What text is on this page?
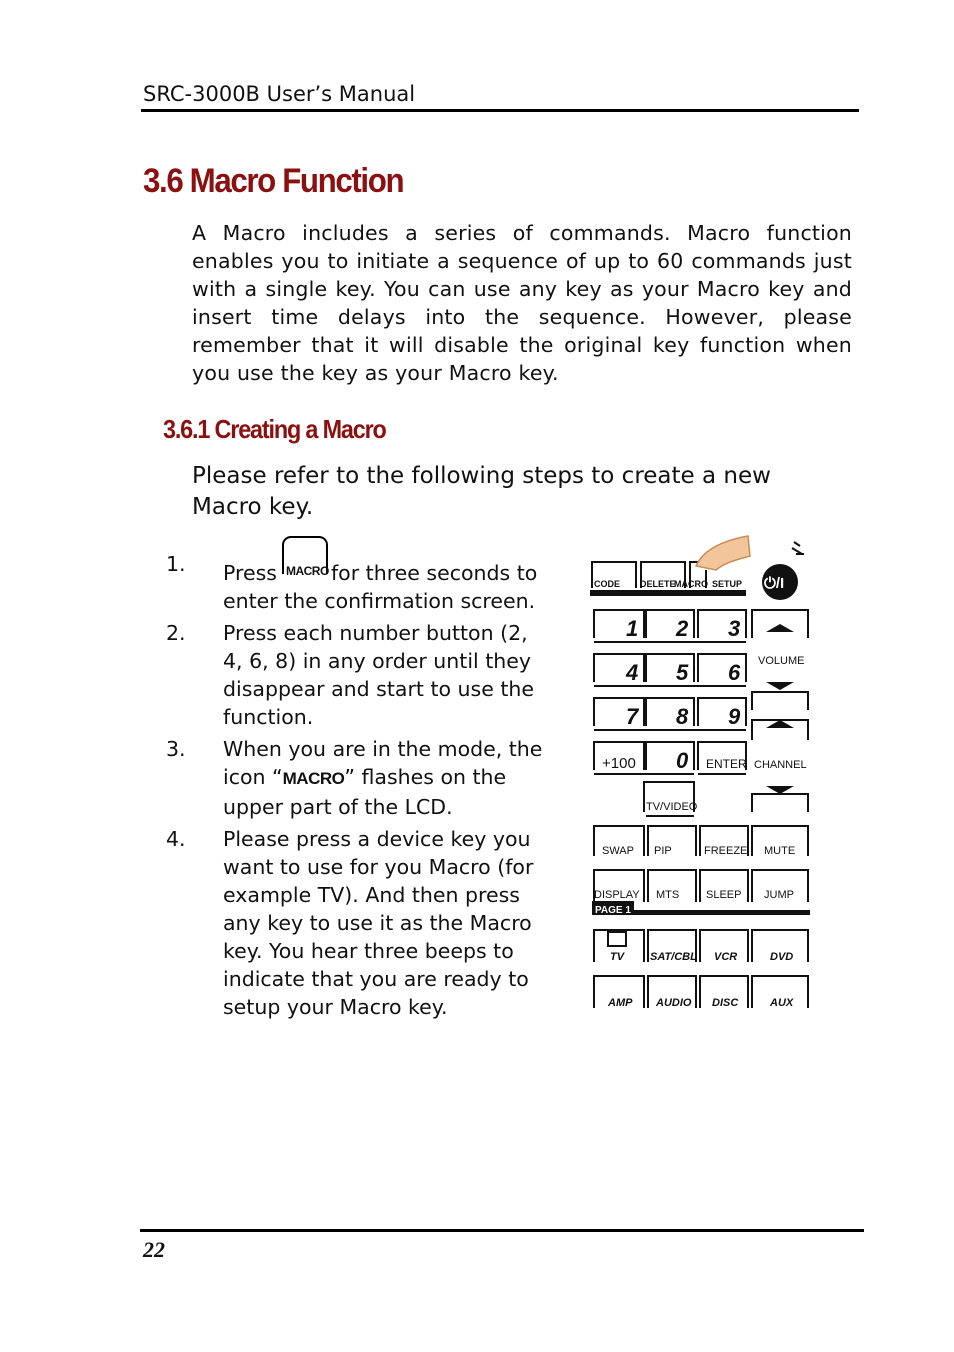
SRC-3000B User’s Manual
3.6 Macro Function
A Macro includes a series of commands. Macro function enables you to initiate a sequence of up to 60 commands just with a single key. You can use any key as your Macro key and insert time delays into the sequence. However, please remember that it will disable the original key function when you use the key as your Macro key.
3.6.1 Creating a Macro
Please refer to the following steps to create a new Macro key.
1.	Press MACRO for three seconds to enter the confirmation screen.
2.	Press each number button (2, 4, 6, 8) in any order until they disappear and start to use the function.
3.	When you are in the mode, the icon “MACRO” flashes on the upper part of the LCD.
4.	Please press a device key you want to use for you Macro (for example TV). And then press any key to use it as the Macro key. You hear three beeps to indicate that you are ready to setup your Macro key.
CODE DELETE
MACRO SETUP ⏻/I
1 2 3
4 5 6
7 8 9
+100 0 ENTER
TV/VIDEO
VOLUME
CHANNEL
SWAP PIP	FREEZE MUTE
DISPLAY MTS SLEEP JUMP
PAGE 1
TV SAT/CBL VCR	DVD
AMP AUDIO DISC	AUX
22
